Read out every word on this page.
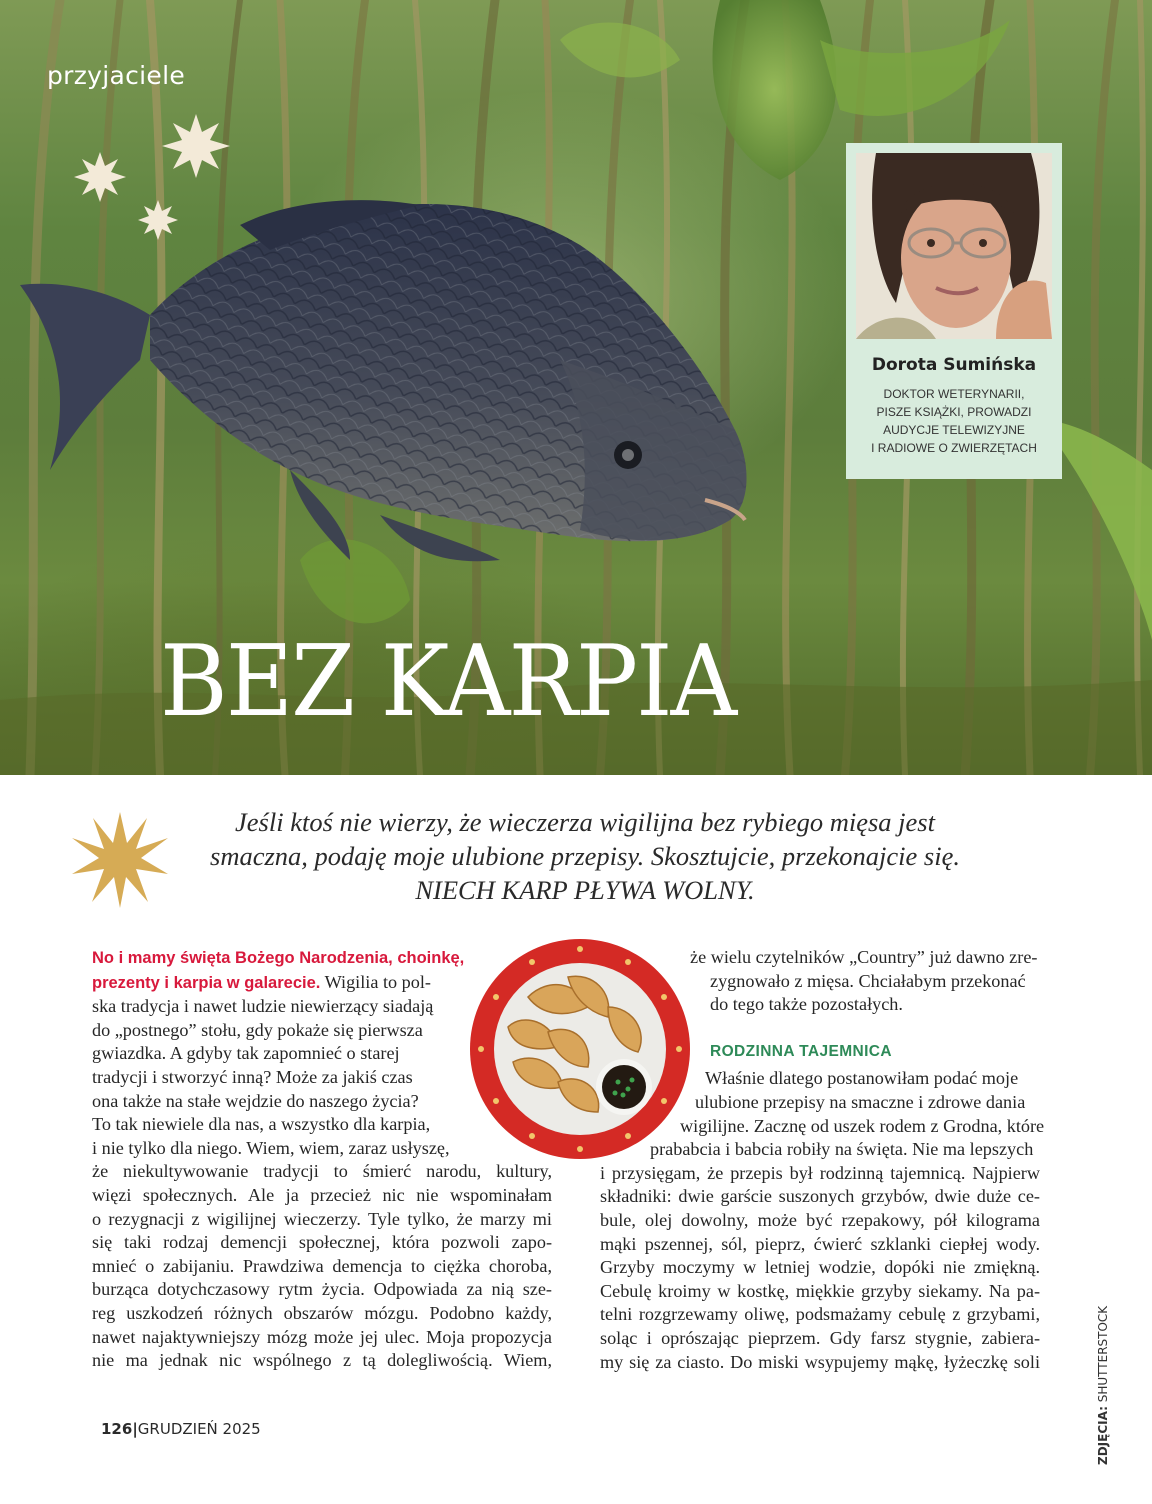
przyjaciele
BEZ KARPIA
Dorota Sumińska
DOKTOR WETERYNARII,
PISZE KSIĄŻKI, PROWADZI
AUDYCJE TELEWIZYJNE
I RADIOWE O ZWIERZĘTACH
Jeśli ktoś nie wierzy, że wieczerza wigilijna bez rybiego mięsa jest
smaczna, podaję moje ulubione przepisy. Skosztujcie, przekonajcie się.
NIECH KARP PŁYWA WOLNY.
No i mamy święta Bożego Narodzenia, choinkę,
prezenty i karpia w galarecie. Wigilia to pol-
ska tradycja i nawet ludzie niewierzący siadają
do „postnego” stołu, gdy pokaże się pierwsza
gwiazdka. A gdyby tak zapomnieć o starej
tradycji i stworzyć inną? Może za jakiś czas
ona także na stałe wejdzie do naszego życia?
To tak niewiele dla nas, a wszystko dla karpia,
i nie tylko dla niego. Wiem, wiem, zaraz usłyszę,
że niekultywowanie tradycji to śmierć narodu, kultury,
więzi społecznych. Ale ja przecież nic nie wspominałam
o rezygnacji z wigilijnej wieczerzy. Tyle tylko, że marzy mi
się taki rodzaj demencji społecznej, która pozwoli zapo-
mnieć o zabijaniu. Prawdziwa demencja to ciężka choroba,
burząca dotychczasowy rytm życia. Odpowiada za nią sze-
reg uszkodzeń różnych obszarów mózgu. Podobno każdy,
nawet najaktywniejszy mózg może jej ulec. Moja propozycja
nie ma jednak nic wspólnego z tą dolegliwością. Wiem,
że wielu czytelników „Country” już dawno zre-
zygnowało z mięsa. Chciałabym przekonać
do tego także pozostałych.
RODZINNA TAJEMNICA
Właśnie dlatego postanowiłam podać moje
ulubione przepisy na smaczne i zdrowe dania
wigilijne. Zacznę od uszek rodem z Grodna, które
prababcia i babcia robiły na święta. Nie ma lepszych
i przysięgam, że przepis był rodzinną tajemnicą. Najpierw
składniki: dwie garście suszonych grzybów, dwie duże ce-
bule, olej dowolny, może być rzepakowy, pół kilograma
mąki pszennej, sól, pieprz, ćwierć szklanki ciepłej wody.
Grzyby moczymy w letniej wodzie, dopóki nie zmiękną.
Cebulę kroimy w kostkę, miękkie grzyby siekamy. Na pa-
telni rozgrzewamy oliwę, podsmażamy cebulę z grzybami,
soląc i oprószając pieprzem. Gdy farsz stygnie, zabiera-
my się za ciasto. Do miski wsypujemy mąkę, łyżeczkę soli
126|GRUDZIEŃ 2025	ZDJĘCIA: SHUTTERSTOCK
